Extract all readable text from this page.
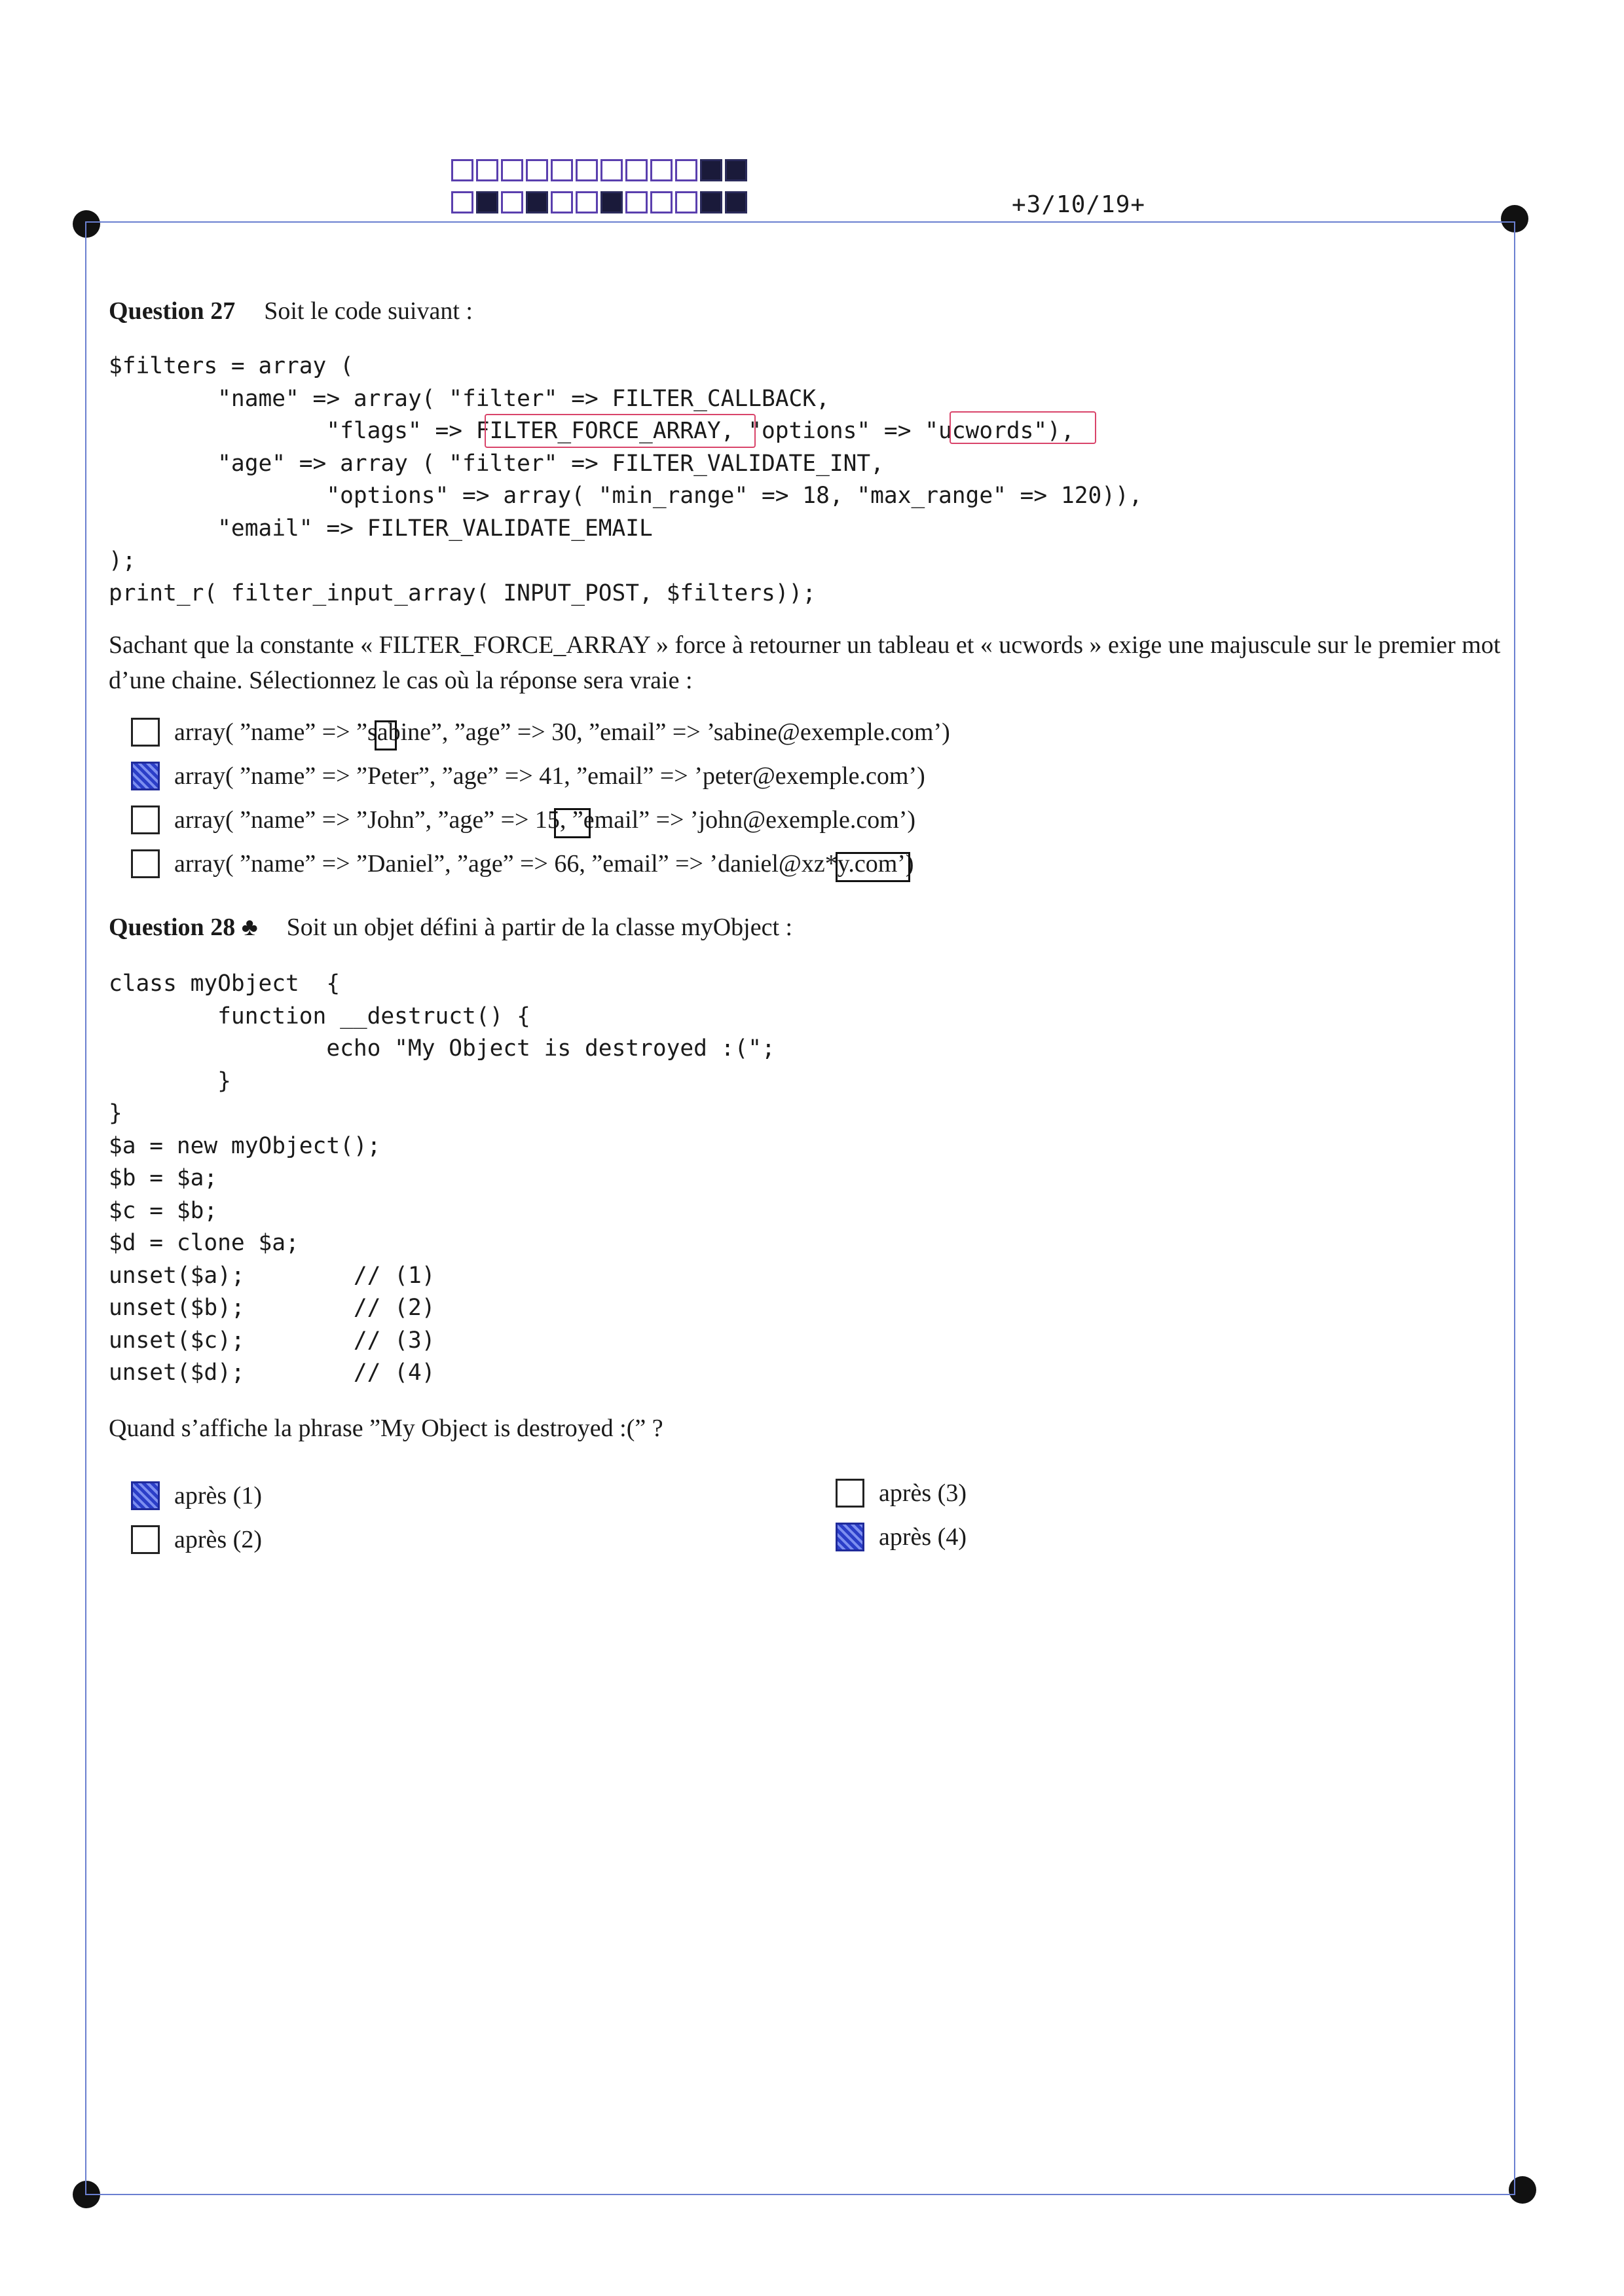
+3/10/19+
Question 27 Soit le code suivant :
$filters = array (
"name" => array( "filter" => FILTER_CALLBACK,
"flags" => FILTER_FORCE_ARRAY, "options" => "ucwords"),
"age" => array ( "filter" => FILTER_VALIDATE_INT,
"options" => array( "min_range" => 18, "max_range" => 120)),
"email" => FILTER_VALIDATE_EMAIL
);
print_r( filter_input_array( INPUT_POST, $filters));
Sachant que la constante « FILTER_FORCE_ARRAY » force à retourner un tableau et « ucwords » exige une majuscule sur le premier mot d’une chaine. Sélectionnez le cas où la réponse sera vraie :
array( ”name” => ”sabine”, ”age” => 30, ”email” => ’sabine@exemple.com’)
array( ”name” => ”Peter”, ”age” => 41, ”email” => ’peter@exemple.com’)
array( ”name” => ”John”, ”age” => 15, ”email” => ’john@exemple.com’)
array( ”name” => ”Daniel”, ”age” => 66, ”email” => ’daniel@xz*y.com’)
Question 28 ♣ Soit un objet défini à partir de la classe myObject :
class myObject  {
function __destruct() {
echo "My Object is destroyed :(";
}
}
$a = new myObject();
$b = $a;
$c = $b;
$d = clone $a;
unset($a);        // (1)
unset($b);        // (2)
unset($c);        // (3)
unset($d);        // (4)
Quand s’affiche la phrase ”My Object is destroyed :(” ?
après (1)
après (2)
après (3)
après (4)
